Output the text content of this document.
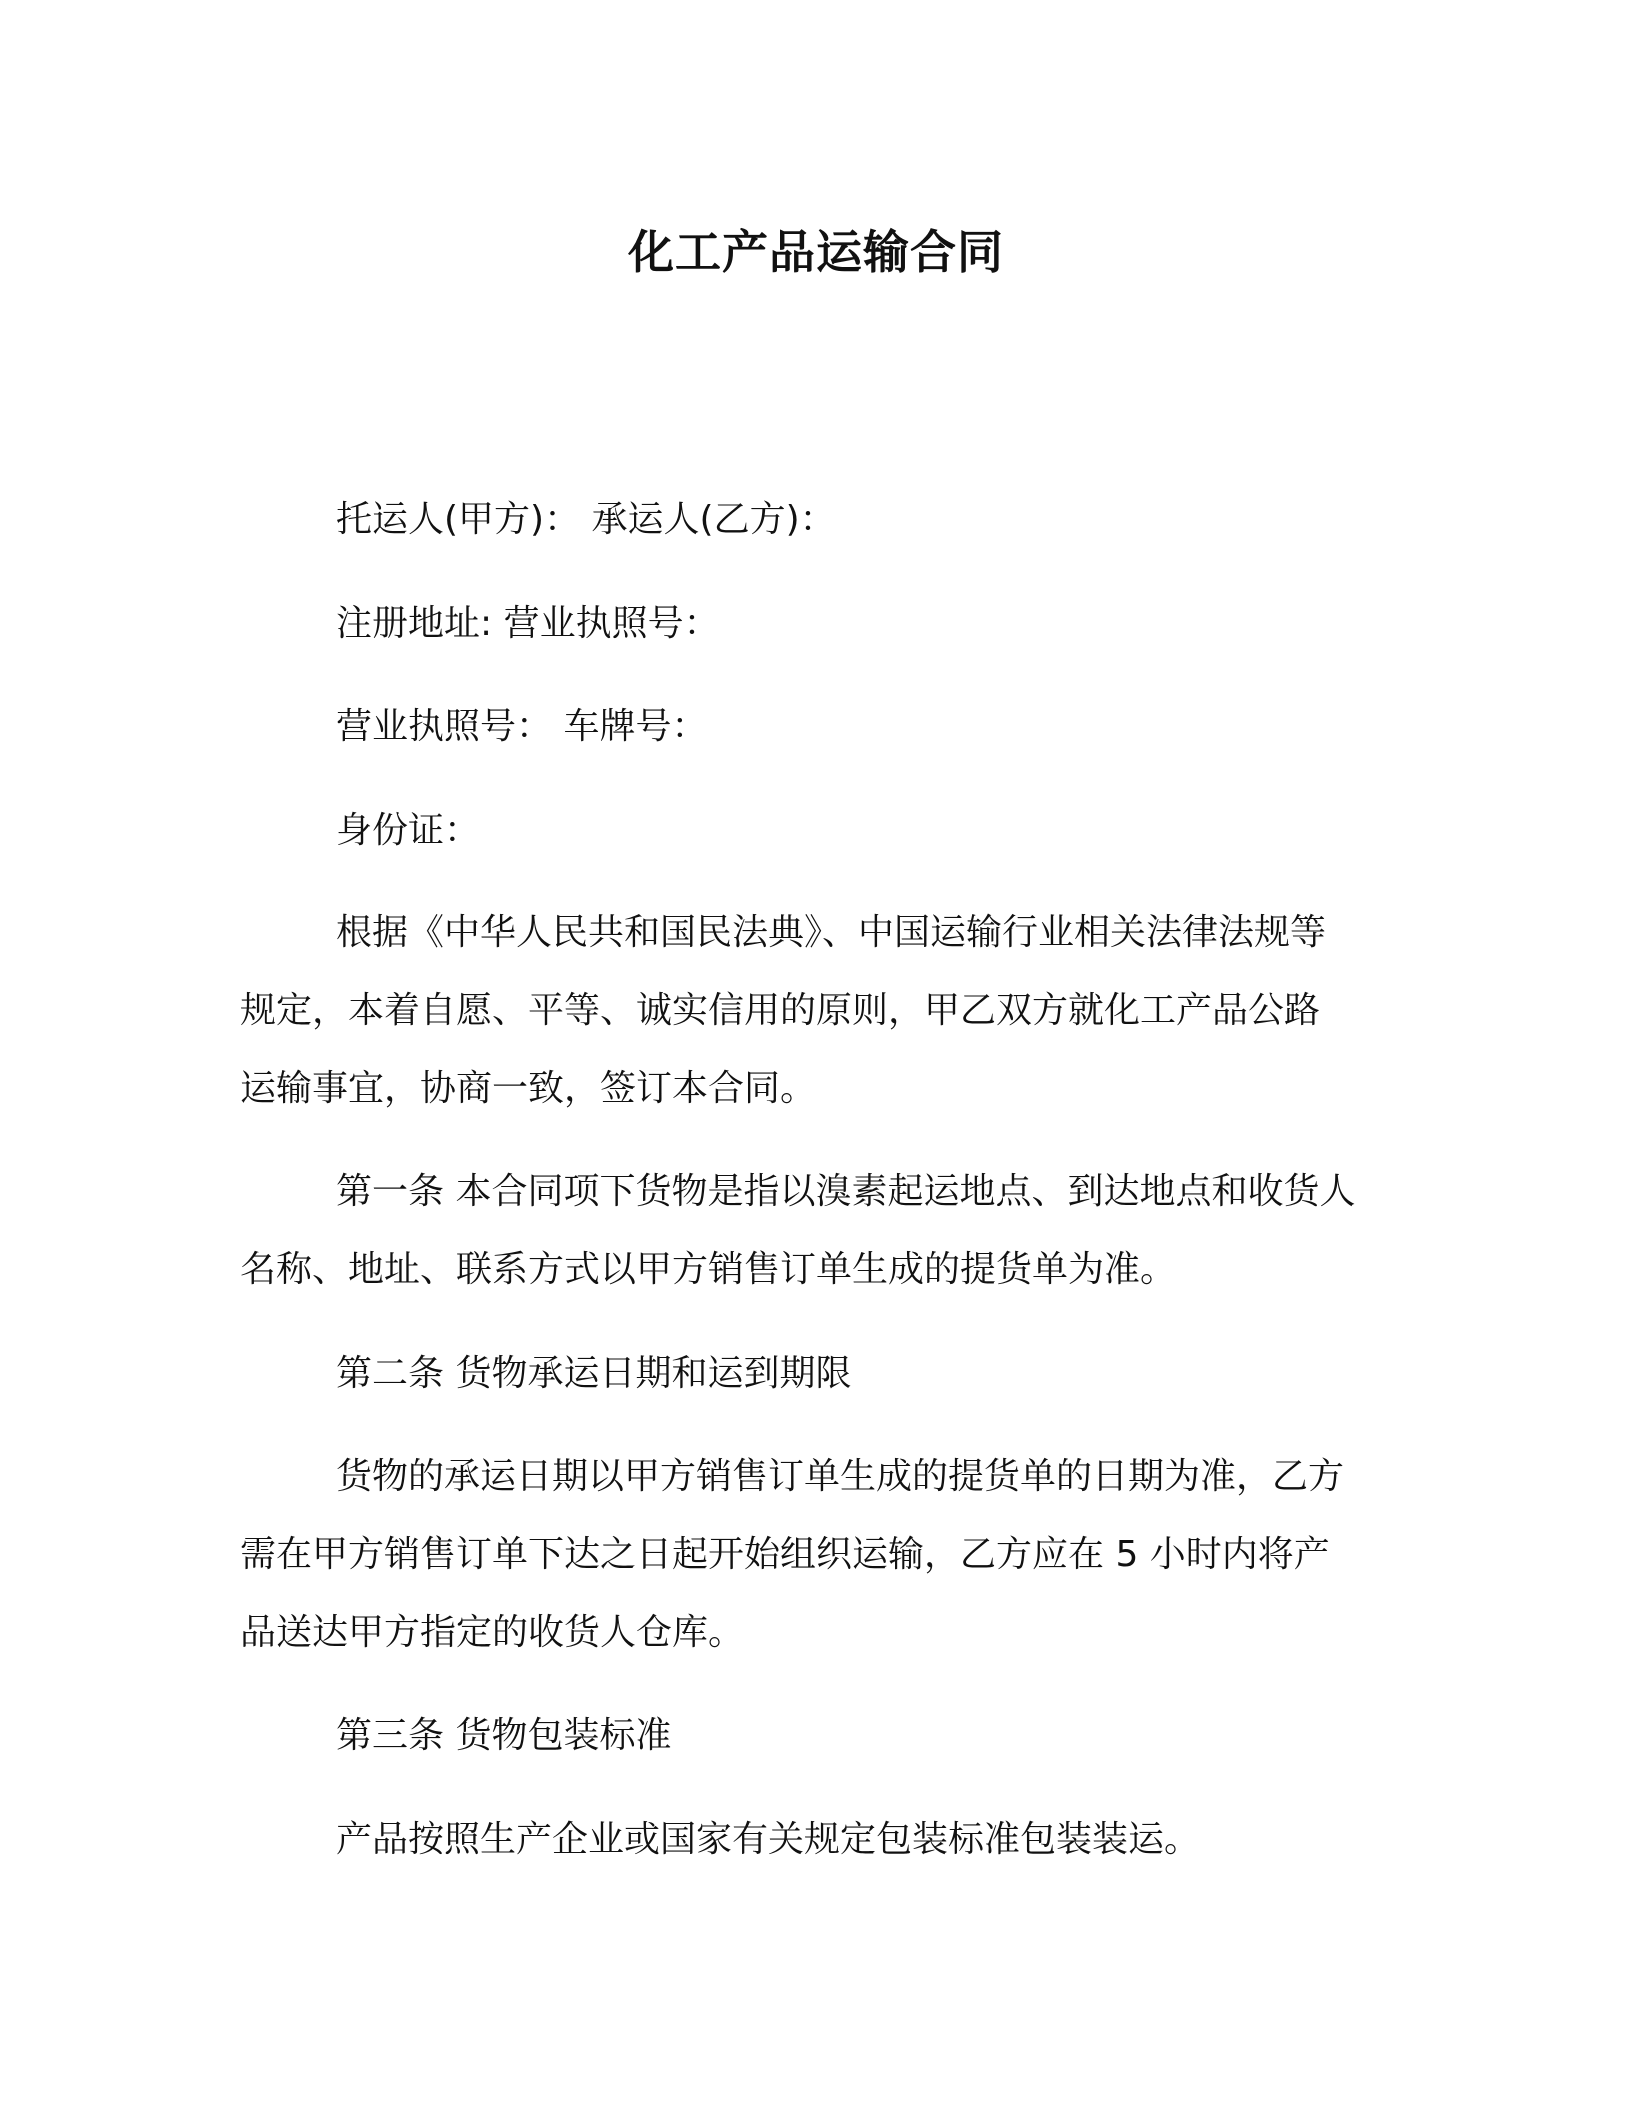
化工产品运输合同
托运人(甲方)： 承运人(乙方)：
注册地址: 营业执照号：
营业执照号： 车牌号：
身份证：
根据《中华人民共和国民法典》、中国运输行业相关法律法规等
规定，本着自愿、平等、诚实信用的原则，甲乙双方就化工产品公路
运输事宜，协商一致，签订本合同。
第一条 本合同项下货物是指以溴素起运地点、到达地点和收货人
名称、地址、联系方式以甲方销售订单生成的提货单为准。
第二条 货物承运日期和运到期限
货物的承运日期以甲方销售订单生成的提货单的日期为准，乙方
需在甲方销售订单下达之日起开始组织运输，乙方应在 5 小时内将产
品送达甲方指定的收货人仓库。
第三条 货物包装标准
产品按照生产企业或国家有关规定包装标准包装装运。
